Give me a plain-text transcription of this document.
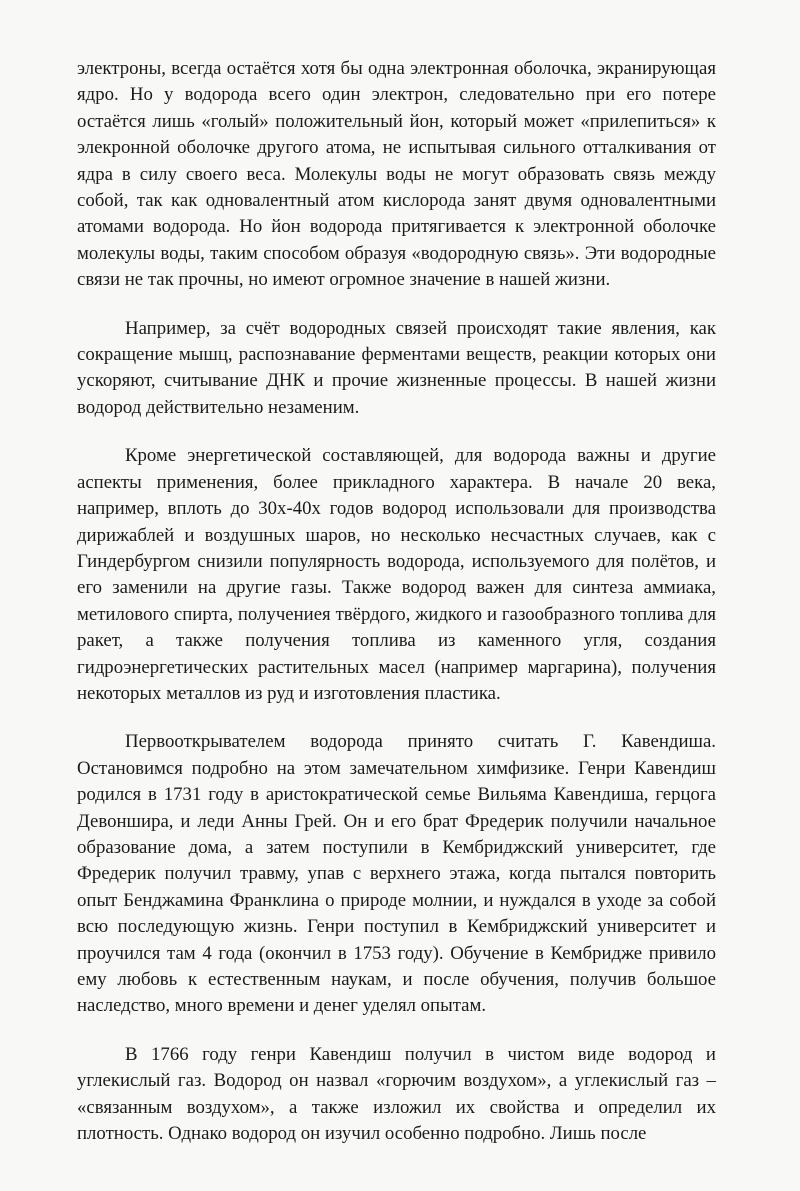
электроны, всегда остаётся хотя бы одна электронная оболочка, экранирующая ядро. Но у водорода всего один электрон, следовательно при его потере остаётся лишь «голый» положительный йон, который может «прилепиться» к элекронной оболочке другого атома, не испытывая сильного отталкивания от ядра в силу своего веса. Молекулы воды не могут образовать связь между собой, так как одновалентный атом кислорода занят двумя одновалентными атомами водорода. Но йон водорода притягивается к электронной оболочке молекулы воды, таким способом образуя «водородную связь». Эти водородные связи не так прочны, но имеют огромное значение в нашей жизни.

Например, за счёт водородных связей происходят такие явления, как сокращение мышц, распознавание ферментами веществ, реакции которых они ускоряют, считывание ДНК и прочие жизненные процессы. В нашей жизни водород действительно незаменим.

Кроме энергетической составляющей, для водорода важны и другие аспекты применения, более прикладного характера. В начале 20 века, например, вплоть до 30х-40х годов водород использовали для производства дирижаблей и воздушных шаров, но несколько несчастных случаев, как с Гиндербургом снизили популярность водорода, используемого для полётов, и его заменили на другие газы. Также водород важен для синтеза аммиака, метилового спирта, получениея твёрдого, жидкого и газообразного топлива для ракет, а также получения топлива из каменного угля, создания гидроэнергетических растительных масел (например маргарина), получения некоторых металлов из руд и изготовления пластика.

Первооткрывателем водорода принято считать Г. Кавендиша. Остановимся подробно на этом замечательном химфизике. Генри Кавендиш родился в 1731 году в аристократической семье Вильяма Кавендиша, герцога Девоншира, и леди Анны Грей. Он и его брат Фредерик получили начальное образование дома, а затем поступили в Кембриджский университет, где Фредерик получил травму, упав с верхнего этажа, когда пытался повторить опыт Бенджамина Франклина о природе молнии, и нуждался в уходе за собой всю последующую жизнь. Генри поступил в Кембриджский университет и проучился там 4 года (окончил в 1753 году). Обучение в Кембридже привило ему любовь к естественным наукам, и после обучения, получив большое наследство, много времени и денег уделял опытам.

В 1766 году генри Кавендиш получил в чистом виде водород и углекислый газ. Водород он назвал «горючим воздухом», а углекислый газ – «связанным воздухом», а также изложил их свойства и определил их плотность. Однако водород он изучил особенно подробно. Лишь после
